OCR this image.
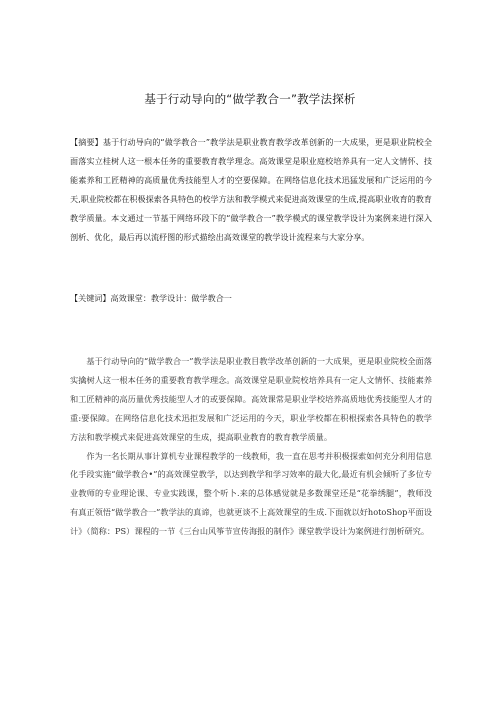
基于行动导向的“做学教合一”教学法探析
【摘要】基于行动导向的“做学教合一”教学法是职业教育教学改革创新的一大成果，更是职业院校全面落实立桂树人这一根本任务的重要教育教学理念。高效课堂是职业庭校培养具有一定人文情怀、技能素养和工匠精神的高质量优秀技能型人才的空要保障。在网络信息化技术迅猛发展和广泛运用的今天,职业院校都在积极探索各具特色的校学方法和教学模式来促进高效课堂的生成,提高职业收育的教育教学质量。本文通过一节基于网络环段下的“做学教合一”教学模式的课堂教学设计为案例来进行深入剖析、优化，最后再以流杼图的形式描绘出高效课堂的教学设计流程来与大家分享。
【关键词】高效课堂：教学设计：做学教合一

基于行动导向的“做学教合一”教学法是职业教目教学改革创新的一大成果，更是职业院校全面落实擒树人这一根本任务的重要教育教学理念。高效课堂是职业院校培养具有一定人文情怀、技能素养和工匠精神的高历量优秀技能型人才的或要保障。高效课常是职业学校培养高质地优秀技能型人才的重:要保障。在网络信息化技术迅拒发展和广泛运用的今天，职业学校都在积根探索各具特色的教学方法和教学模式来促进高效课堂的生成，提高职业教育的教育教学质量。

作为一名长期从事计算机专业课程教学的一线教师，我一直在思考并积极探索如何充分利用信息化手段实施“做学教合•”的高效课堂教学，以达到教学和学习效率的最大化,最近有机会倾听了多位专业教师的专业理论课、专业实践课，整个听卜.来的总体感觉就是多数课堂还是“花拳绣腿”，教师没有真正领悟“做学教合一”教学法的真谛，也就更谈不上高效课堂的生成.下面就以好hotoShop平面设计》（简称：PS）课程的一节《三台山风筝节宣传海报的制作》课堂教学设计为案例进行剖析研究。
